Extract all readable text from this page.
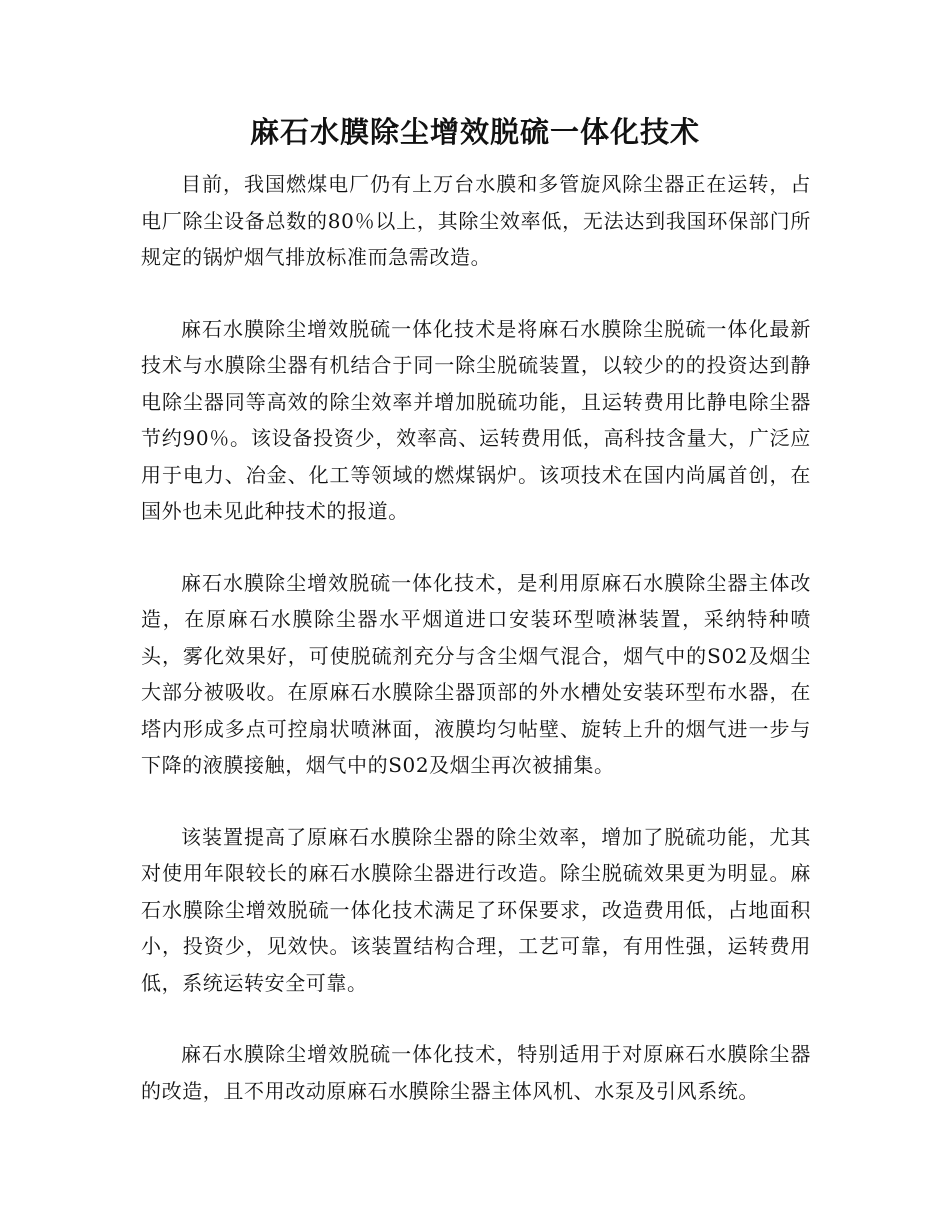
麻石水膜除尘增效脱硫一体化技术

目前，我国燃煤电厂仍有上万台水膜和多管旋风除尘器正在运转，占电厂除尘设备总数的80％以上，其除尘效率低，无法达到我国环保部门所规定的锅炉烟气排放标准而急需改造。

麻石水膜除尘增效脱硫一体化技术是将麻石水膜除尘脱硫一体化最新技术与水膜除尘器有机结合于同一除尘脱硫装置，以较少的的投资达到静电除尘器同等高效的除尘效率并增加脱硫功能，且运转费用比静电除尘器节约90％。该设备投资少，效率高、运转费用低，高科技含量大，广泛应用于电力、冶金、化工等领域的燃煤锅炉。该项技术在国内尚属首创，在国外也未见此种技术的报道。

麻石水膜除尘增效脱硫一体化技术，是利用原麻石水膜除尘器主体改造，在原麻石水膜除尘器水平烟道进口安装环型喷淋装置，采纳特种喷头，雾化效果好，可使脱硫剂充分与含尘烟气混合，烟气中的S02及烟尘大部分被吸收。在原麻石水膜除尘器顶部的外水槽处安装环型布水器，在塔内形成多点可控扇状喷淋面，液膜均匀帖壁、旋转上升的烟气进一步与下降的液膜接触，烟气中的S02及烟尘再次被捕集。

该装置提高了原麻石水膜除尘器的除尘效率，增加了脱硫功能，尤其对使用年限较长的麻石水膜除尘器进行改造。除尘脱硫效果更为明显。麻石水膜除尘增效脱硫一体化技术满足了环保要求，改造费用低，占地面积小，投资少，见效快。该装置结构合理，工艺可靠，有用性强，运转费用低，系统运转安全可靠。

麻石水膜除尘增效脱硫一体化技术，特别适用于对原麻石水膜除尘器的改造，且不用改动原麻石水膜除尘器主体风机、水泵及引风系统。
